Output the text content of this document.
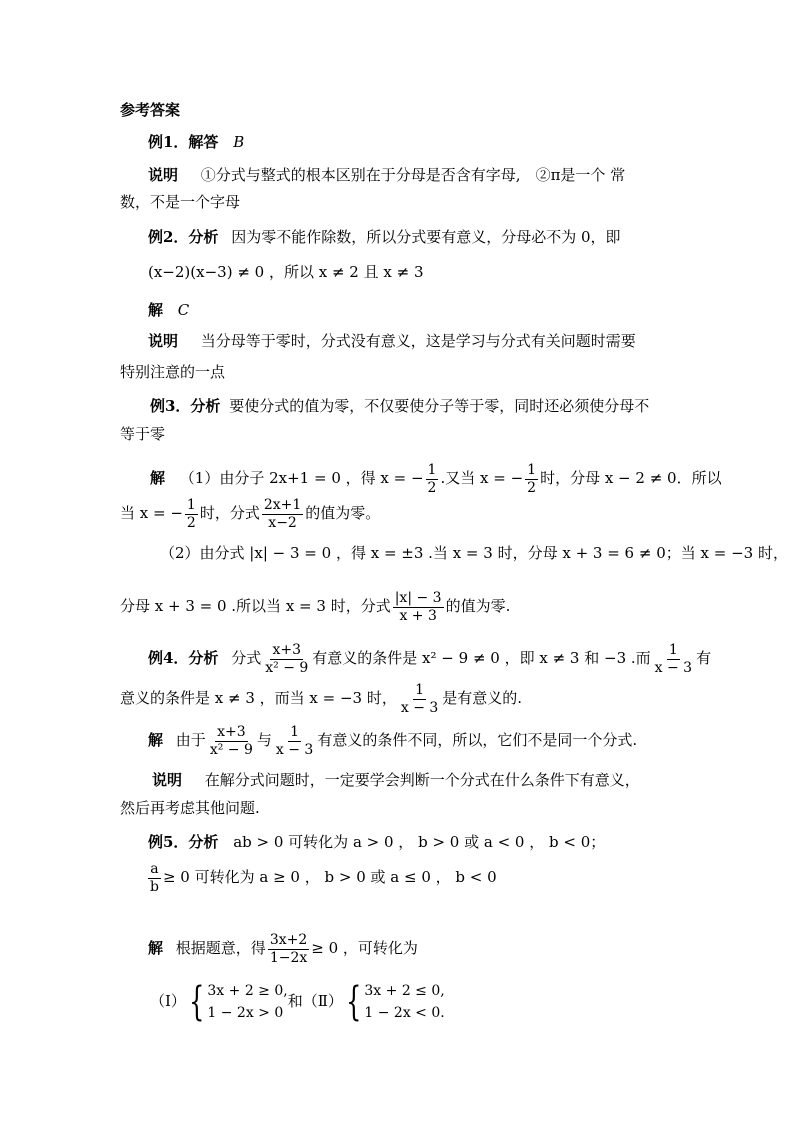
参考答案
例1．解答 B
说明 ①分式与整式的根本区别在于分母是否含有字母,　②π是一个 常
数，不是一个字母
例2．分析 因为零不能作除数，所以分式要有意义，分母必不为 0，即
(x−2)(x−3) ≠ 0 ，所以 x ≠ 2 且 x ≠ 3
解 C
说明 当分母等于零时，分式没有意义，这是学习与分式有关问题时需要
特别注意的一点
例3．分析 要使分式的值为零，不仅要使分子等于零，同时还必须使分母不
等于零
解 （1）由分子 2x+1 = 0 ，得 x = − $\frac{1}{2}$ .又当 x = − $\frac{1}{2}$ 时，分母 x − 2 ≠ 0．所以
当 x = − $\frac{1}{2}$ 时，分式 $\frac{2x+1}{x-2}$ 的值为零。
（2）由分式 |x| − 3 = 0 ，得 x = ±3 .当 x = 3 时，分母 x + 3 = 6 ≠ 0；当 x = −3 时，
分母 x + 3 = 0 .所以当 x = 3 时，分式 $\frac{|x| - 3}{x + 3}$ 的值为零.
例4．分析 分式 $\frac{x+3}{\text{x² − 9}}$ 有意义的条件是 x² − 9 ≠ 0 ，即 x ≠ 3 和 −3 .而 $\frac{1}{x - 3}$ 有
意义的条件是 x ≠ 3 ，而当 x = −3 时， $\frac{1}{x - 3}$ 是有意义的.
解 由于 $\frac{x+3}{\text{x² − 9}}$ 与 $\frac{1}{x - 3}$ 有意义的条件不同，所以，它们不是同一个分式.
说明 在解分式问题时，一定要学会判断一个分式在什么条件下有意义，
然后再考虑其他问题.
例5．分析 ab > 0 可转化为 a > 0 ， b > 0 或 a < 0 ， b < 0；
$\frac{a}{b} \ge 0$ 可转化为 a ≥ 0 ， b > 0 或 a ≤ 0 ， b < 0
解 根据题意，得 $\frac{3x+2}{1-2x} \ge 0$ ，可转化为
（Ⅰ）{ 3x + 2 ≥ 0,
1 − 2x > 0
和（Ⅱ）{ 3x + 2 ≤ 0,
1 − 2x < 0.
